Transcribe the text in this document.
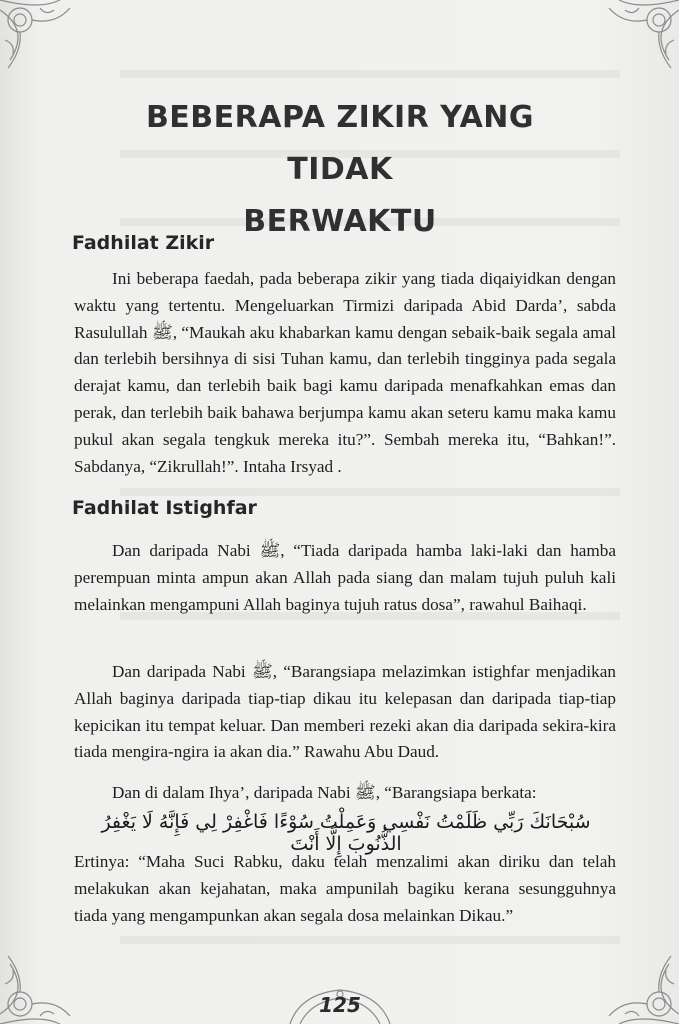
BEBERAPA ZIKIR YANG TIDAK
BERWAKTU
Fadhilat Zikir

Ini beberapa faedah, pada beberapa zikir yang tiada diqaiyidkan dengan waktu yang tertentu. Mengeluarkan Tirmizi daripada Abid Darda’, sabda Rasulullah ﷺ, “Maukah aku khabarkan kamu dengan sebaik-baik segala amal dan terlebih bersihnya di sisi Tuhan kamu, dan terlebih tingginya pada segala derajat kamu, dan terlebih baik bagi kamu daripada menafkahkan emas dan perak, dan terlebih baik bahawa berjumpa kamu akan seteru kamu maka kamu pukul akan segala tengkuk mereka itu?”. Sembah mereka itu, “Bahkan!”. Sabdanya, “Zikrullah!”. Intaha Irsyad .

Fadhilat Istighfar

Dan daripada Nabi ﷺ, “Tiada daripada hamba laki-laki dan hamba perempuan minta ampun akan Allah pada siang dan malam tujuh puluh kali melainkan mengampuni Allah baginya tujuh ratus dosa”, rawahul Baihaqi.

Dan daripada Nabi ﷺ, “Barangsiapa melazimkan istighfar menjadikan Allah baginya daripada tiap-tiap dikau itu kelepasan dan daripada tiap-tiap kepicikan itu tempat keluar. Dan memberi rezeki akan dia daripada sekira-kira tiada mengira-ngira ia akan dia.” Rawahu Abu Daud.

Dan di dalam Ihya’, daripada Nabi ﷺ, “Barangsiapa berkata:

سُبْحَانَكَ رَبِّي ظَلَمْتُ نَفْسِي وَعَمِلْتُ سُوْءًا فَاغْفِرْ لِي فَإِنَّهُ لَا يَغْفِرُ الذُّنُوبَ إِلَّا أَنْتَ

Ertinya: “Maha Suci Rabku, daku telah menzalimi akan diriku dan telah melakukan akan kejahatan, maka ampunilah bagiku kerana sesungguhnya tiada yang mengampunkan akan segala dosa melainkan Dikau.”

125
